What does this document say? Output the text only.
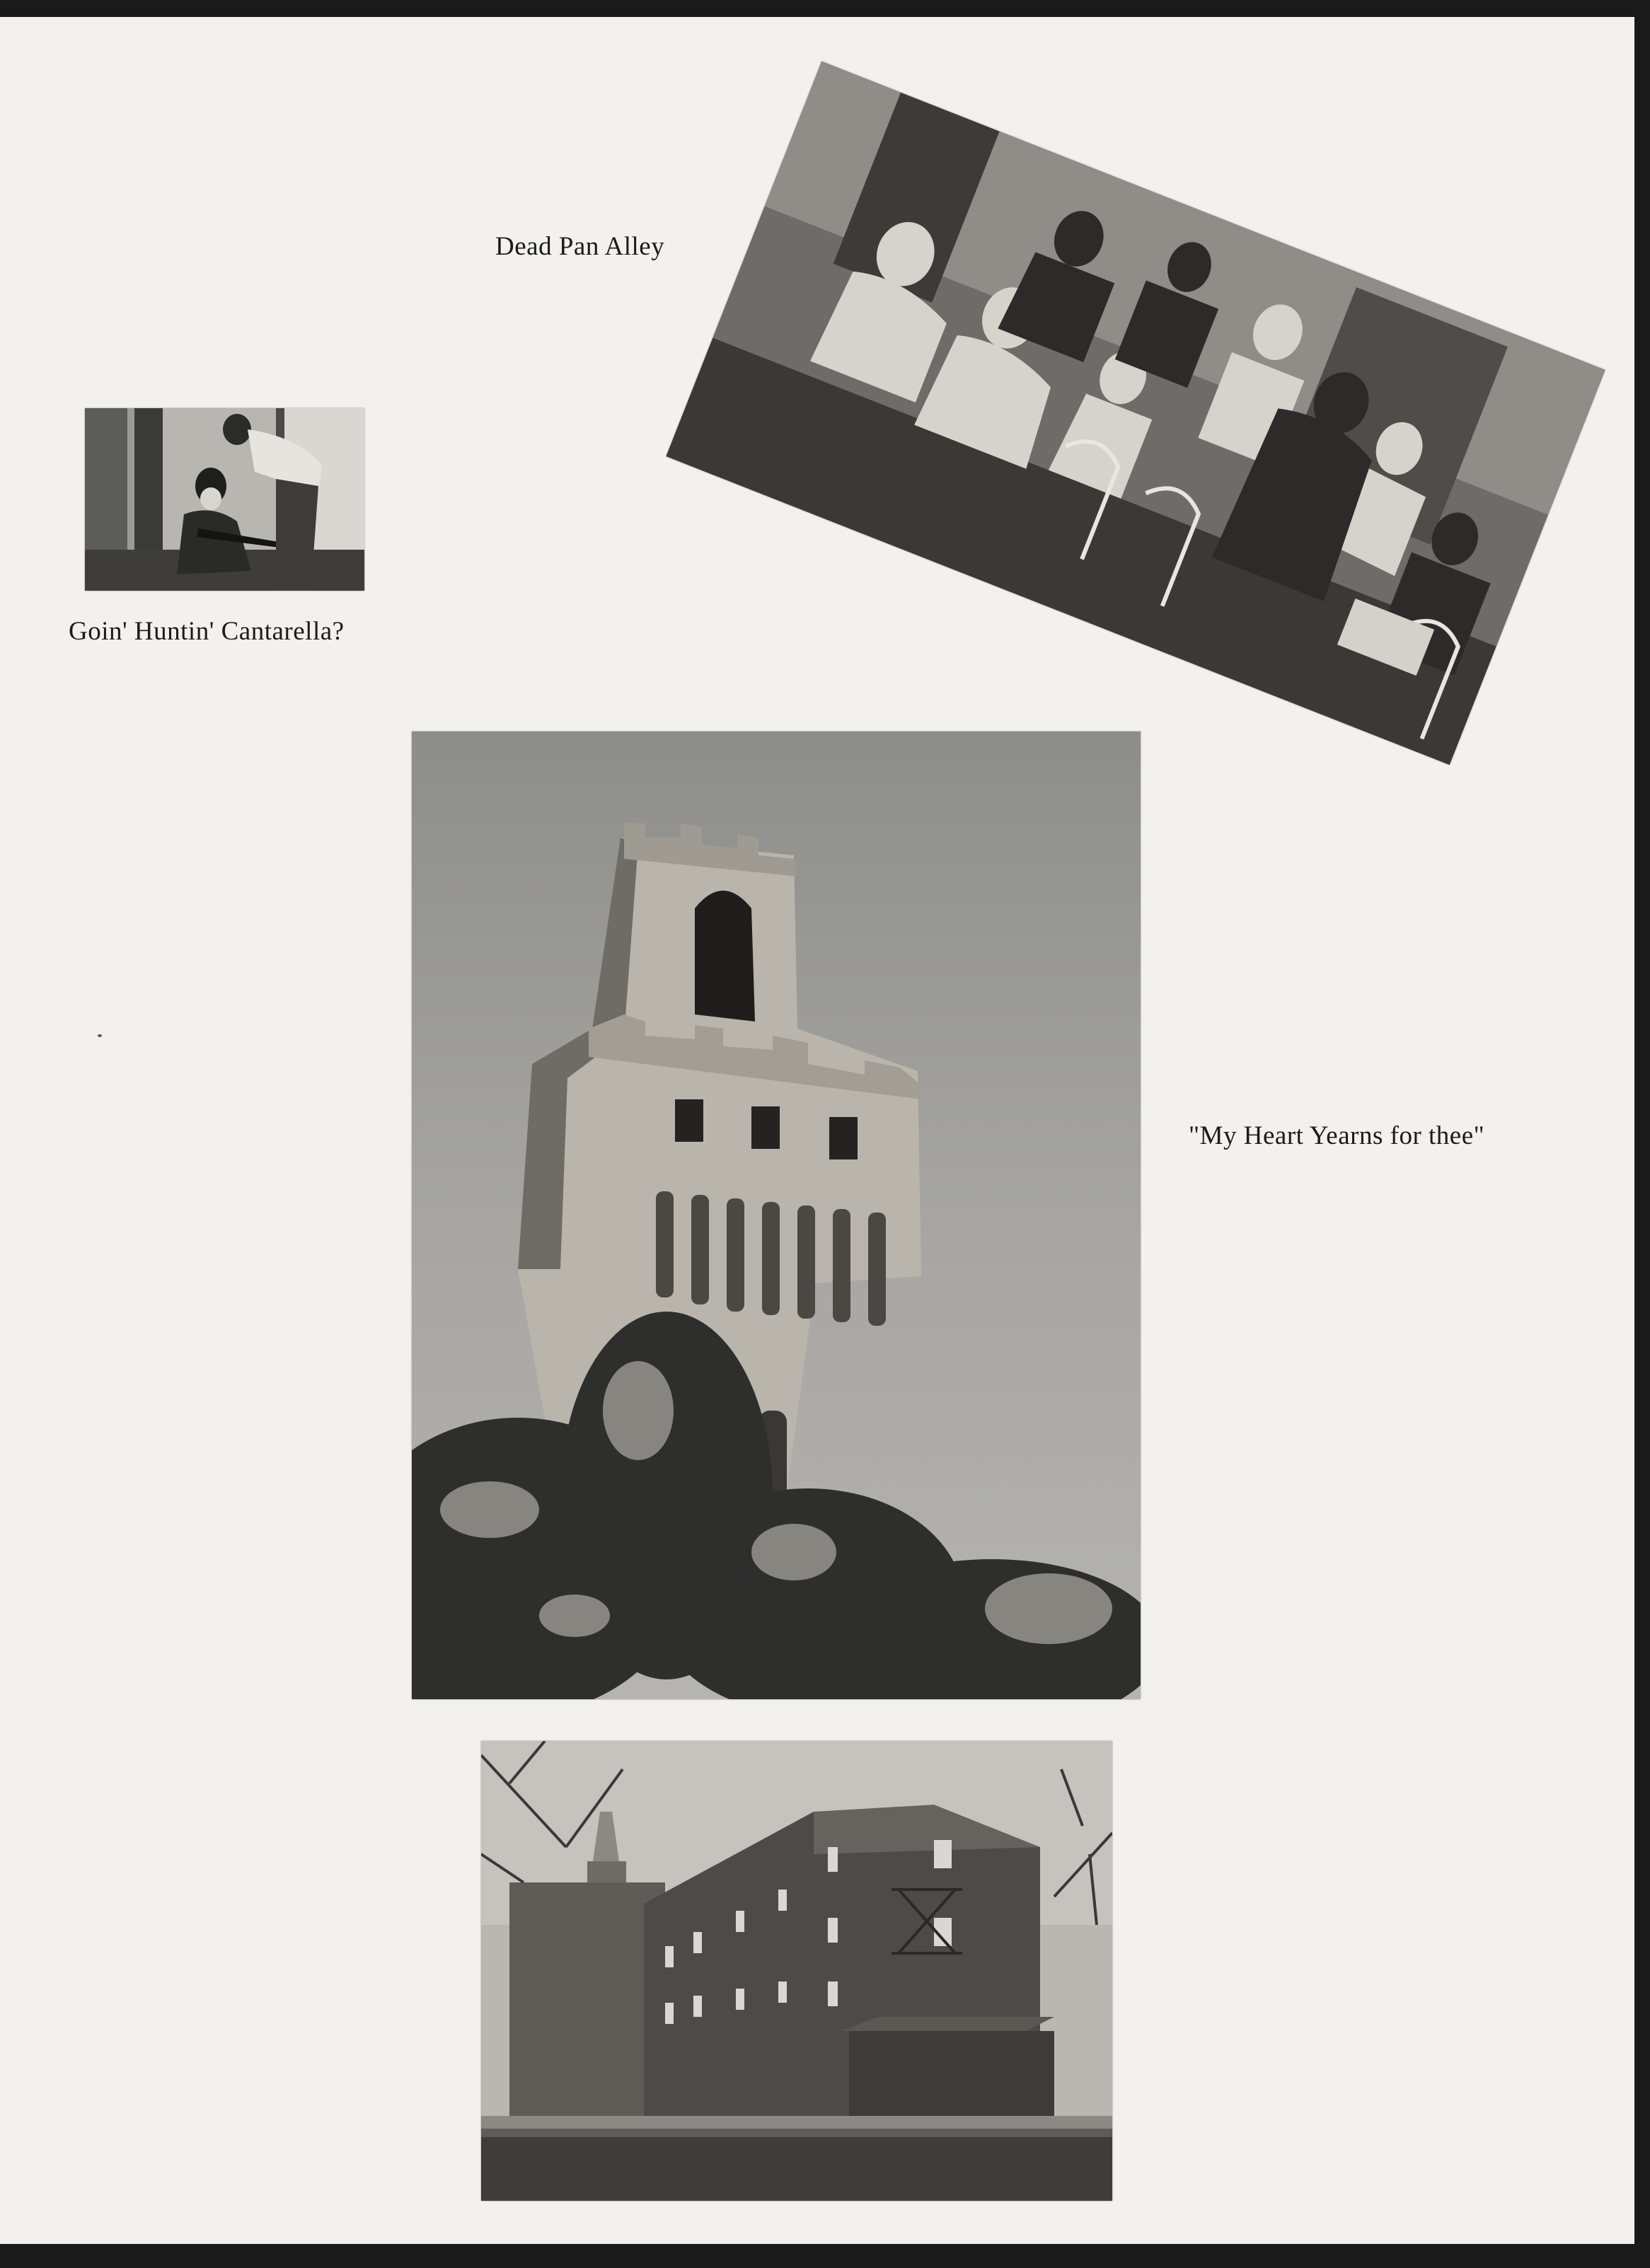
Goin' Huntin' Cantarella?
Dead Pan Alley
"My Heart Yearns for thee"
